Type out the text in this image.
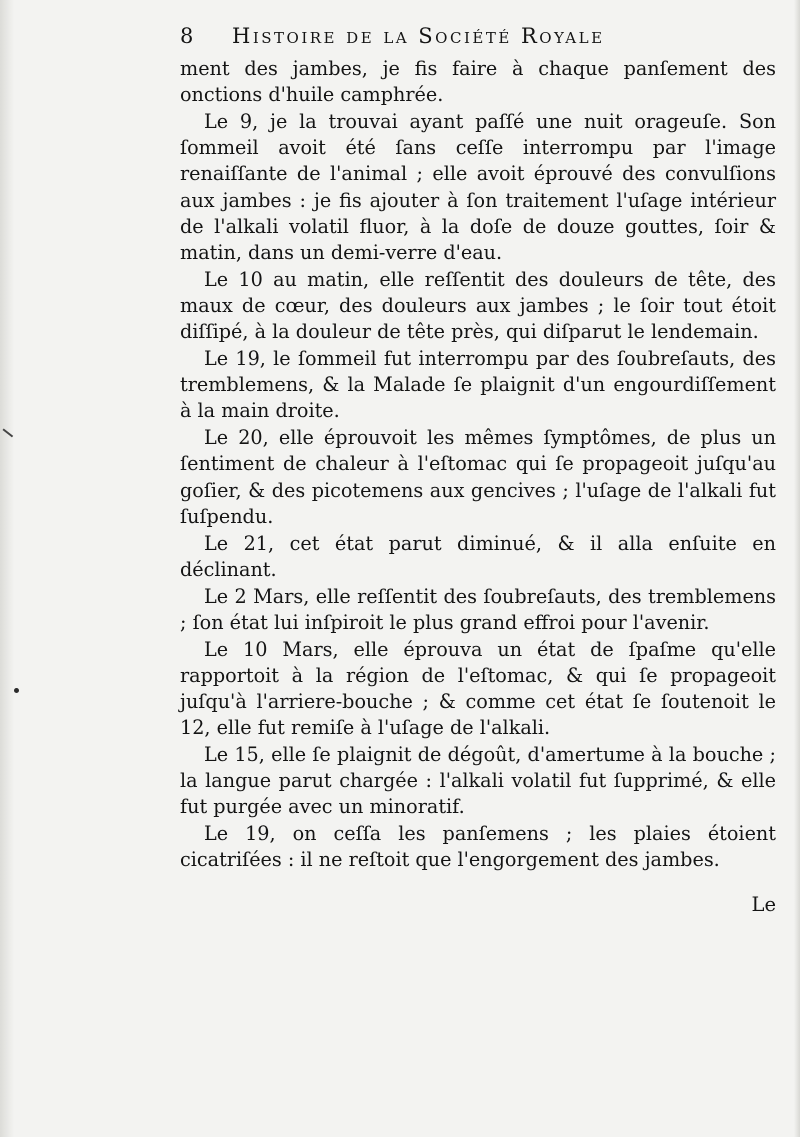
8	Histoire de la Société Royale

ment des jambes, je fis faire à chaque panſement des onctions d'huile camphrée.

Le 9, je la trouvai ayant paſſé une nuit orageuſe. Son ſommeil avoit été ſans ceſſe interrompu par l'image renaiſſante de l'animal ; elle avoit éprouvé des convulſions aux jambes : je fis ajouter à ſon traitement l'uſage intérieur de l'alkali volatil fluor, à la doſe de douze gouttes, ſoir & matin, dans un demi-verre d'eau.

Le 10 au matin, elle reſſentit des douleurs de tête, des maux de cœur, des douleurs aux jambes ; le ſoir tout étoit diſſipé, à la douleur de tête près, qui diſparut le lendemain.

Le 19, le ſommeil fut interrompu par des ſoubreſauts, des tremblemens, & la Malade ſe plaignit d'un engourdiſſement à la main droite.

Le 20, elle éprouvoit les mêmes ſymptômes, de plus un ſentiment de chaleur à l'eſtomac qui ſe propageoit juſqu'au goſier, & des picotemens aux gencives ; l'uſage de l'alkali fut ſuſpendu.

Le 21, cet état parut diminué, & il alla enſuite en déclinant.

Le 2 Mars, elle reſſentit des ſoubreſauts, des tremblemens ; ſon état lui inſpiroit le plus grand effroi pour l'avenir.

Le 10 Mars, elle éprouva un état de ſpaſme qu'elle rapportoit à la région de l'eſtomac, & qui ſe propageoit juſqu'à l'arriere-bouche ; & comme cet état ſe ſoutenoit le 12, elle fut remiſe à l'uſage de l'alkali.

Le 15, elle ſe plaignit de dégoût, d'amertume à la bouche ; la langue parut chargée : l'alkali volatil fut ſupprimé, & elle fut purgée avec un minoratif.

Le 19, on ceſſa les panſemens ; les plaies étoient cicatriſées : il ne reſtoit que l'engorgement des jambes.

Le
